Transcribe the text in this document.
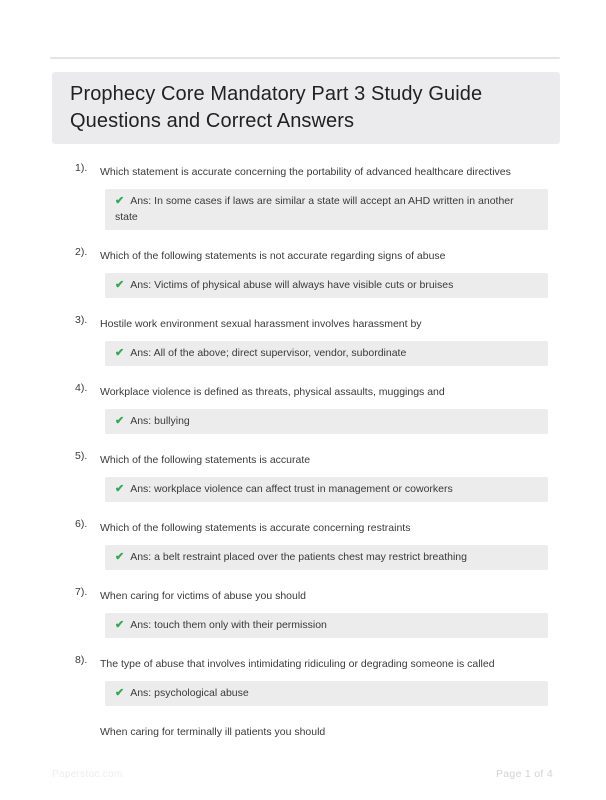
Prophecy Core Mandatory Part 3 Study Guide Questions and Correct Answers
1). Which statement is accurate concerning the portability of advanced healthcare directives
✔ Ans: In some cases if laws are similar a state will accept an AHD written in another state
2). Which of the following statements is not accurate regarding signs of abuse
✔ Ans: Victims of physical abuse will always have visible cuts or bruises
3). Hostile work environment sexual harassment involves harassment by
✔ Ans: All of the above; direct supervisor, vendor, subordinate
4). Workplace violence is defined as threats, physical assaults, muggings and
✔ Ans: bullying
5). Which of the following statements is accurate
✔ Ans: workplace violence can affect trust in management or coworkers
6). Which of the following statements is accurate concerning restraints
✔ Ans: a belt restraint placed over the patients chest may restrict breathing
7). When caring for victims of abuse you should
✔ Ans: touch them only with their permission
8). The type of abuse that involves intimidating ridiculing or degrading someone is called
✔ Ans: psychological abuse
When caring for terminally ill patients you should
Paperstoc.com	Page 1 of 4
